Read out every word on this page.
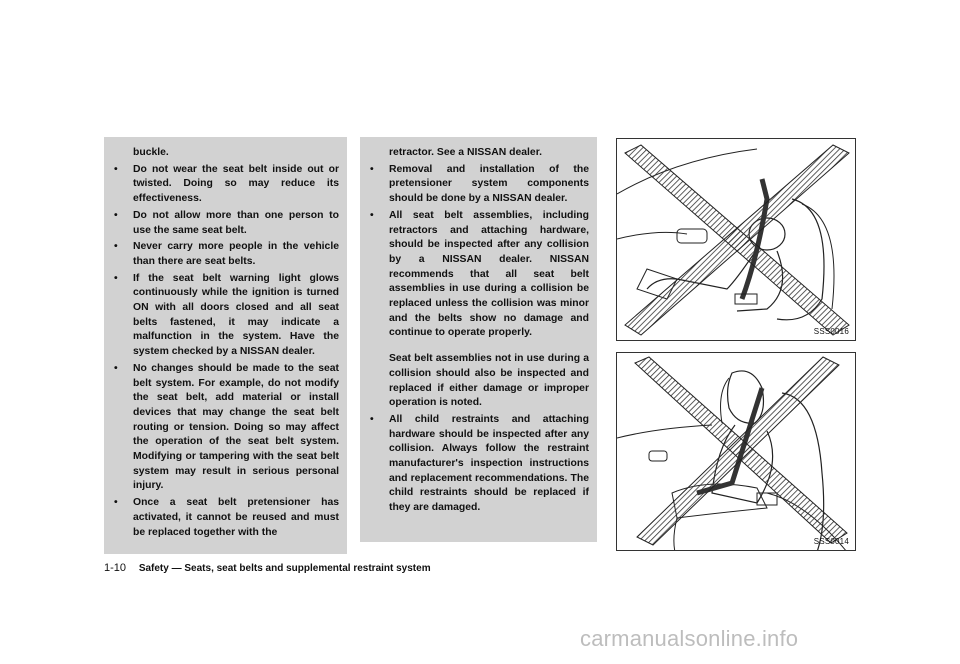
buckle.
• Do not wear the seat belt inside out or twisted. Doing so may reduce its effectiveness.
• Do not allow more than one person to use the same seat belt.
• Never carry more people in the vehicle than there are seat belts.
• If the seat belt warning light glows continuously while the ignition is turned ON with all doors closed and all seat belts fastened, it may indicate a malfunction in the system. Have the system checked by a NISSAN dealer.
• No changes should be made to the seat belt system. For example, do not modify the seat belt, add material or install devices that may change the seat belt routing or tension. Doing so may affect the operation of the seat belt system. Modifying or tampering with the seat belt system may result in serious personal injury.
• Once a seat belt pretensioner has activated, it cannot be reused and must be replaced together with the
retractor. See a NISSAN dealer.
• Removal and installation of the pretensioner system components should be done by a NISSAN dealer.
• All seat belt assemblies, including retractors and attaching hardware, should be inspected after any collision by a NISSAN dealer. NISSAN recommends that all seat belt assemblies in use during a collision be replaced unless the collision was minor and the belts show no damage and continue to operate properly.
Seat belt assemblies not in use during a collision should also be inspected and replaced if either damage or improper operation is noted.
• All child restraints and attaching hardware should be inspected after any collision. Always follow the restraint manufacturer's inspection instructions and replacement recommendations. The child restraints should be replaced if they are damaged.
SSS0016
SSS0014
1-10 Safety — Seats, seat belts and supplemental restraint system
carmanualsonline.info
